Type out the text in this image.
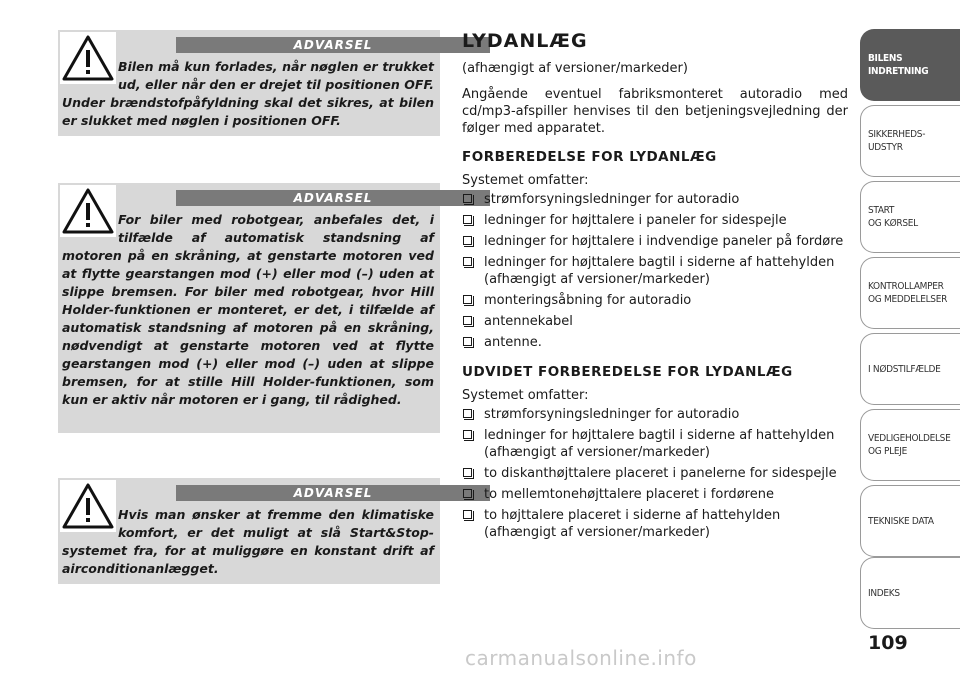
ADVARSEL
Bilen må kun forlades, når nøglen er trukket ud, eller når den er drejet til positionen OFF. Under brændstofpåfyldning skal det sikres, at bilen er slukket med nøglen i positionen OFF.
ADVARSEL
For biler med robotgear, anbefales det, i tilfælde af automatisk standsning af motoren på en skråning, at genstarte motoren ved at flytte gearstangen mod (+) eller mod (–) uden at slippe bremsen. For biler med robotgear, hvor Hill Holder-funktionen er monteret, er det, i tilfælde af automatisk standsning af motoren på en skråning, nødvendigt at genstarte motoren ved at flytte gearstangen mod (+) eller mod (–) uden at slippe bremsen, for at stille Hill Holder-funktionen, som kun er aktiv når motoren er i gang, til rådighed.
ADVARSEL
Hvis man ønsker at fremme den klimatiske komfort, er det muligt at slå Start&Stop-systemet fra, for at muliggøre en konstant drift af airconditionanlægget.
LYDANLÆG
(afhængigt af versioner/markeder)
Angående eventuel fabriksmonteret autoradio med cd/mp3-afspiller henvises til den betjeningsvejledning der følger med apparatet.
FORBEREDELSE FOR LYDANLÆG
Systemet omfatter:
strømforsyningsledninger for autoradio
ledninger for højttalere i paneler for sidespejle
ledninger for højttalere i indvendige paneler på fordøre
ledninger for højttalere bagtil i siderne af hattehylden (afhængigt af versioner/markeder)
monteringsåbning for autoradio
antennekabel
antenne.
UDVIDET FORBEREDELSE FOR LYDANLÆG
Systemet omfatter:
strømforsyningsledninger for autoradio
ledninger for højttalere bagtil i siderne af hattehylden (afhængigt af versioner/markeder)
to diskanthøjttalere placeret i panelerne for sidespejle
to mellemtonehøjttalere placeret i fordørene
to højttalere placeret i siderne af hattehylden (afhængigt af versioner/markeder)
BILENS
INDRETNING
SIKKERHEDS-
UDSTYR
START
OG KØRSEL
KONTROLLAMPER
OG MEDDELELSER
I NØDSTILFÆLDE
VEDLIGEHOLDELSE
OG PLEJE
TEKNISKE DATA
INDEKS
109
carmanualsonline.info
